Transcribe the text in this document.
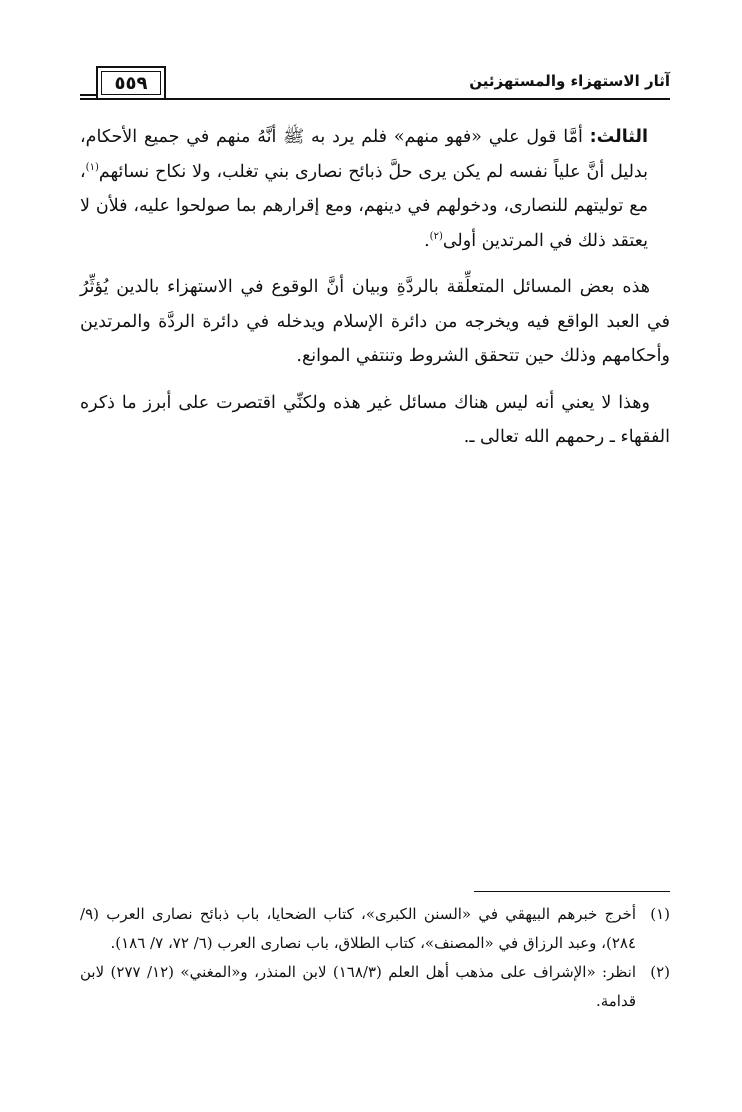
٥٥٩	آثار الاستهزاء والمستهزئين

الثالث: أمَّا قول علي «فهو منهم» فلم يرد به ﷺ أنَّهُ منهم في جميع الأحكام، بدليل أنَّ علياً نفسه لم يكن يرى حلَّ ذبائح نصارى بني تغلب، ولا نكاح نسائهم$^{(١)}$، مع توليتهم للنصارى، ودخولهم في دينهم، ومع إقرارهم بما صولحوا عليه، فلأن لا يعتقد ذلك في المرتدين أولى$^{(٢)}$.

هذه بعض المسائل المتعلِّقة بالردَّةِ وبيان أنَّ الوقوع في الاستهزاء بالدين يُؤثِّرُ في العبد الواقع فيه ويخرجه من دائرة الإسلام ويدخله في دائرة الردَّة والمرتدين وأحكامهم وذلك حين تتحقق الشروط وتنتفي الموانع.

وهذا لا يعني أنه ليس هناك مسائل غير هذه ولكنِّي اقتصرت على أبرز ما ذكره الفقهاء ـ رحمهم الله تعالى ـ.

(١)
أخرج خبرهم البيهقي في «السنن الكبرى»، كتاب الضحايا، باب ذبائح نصارى العرب (٩/ ٢٨٤)، وعبد الرزاق في «المصنف»، كتاب الطلاق، باب نصارى العرب (٦/ ٧٢، ٧/ ١٨٦).
(٢)
انظر: «الإشراف على مذهب أهل العلم (١٦٨/٣) لابن المنذر، و«المغني» (١٢/ ٢٧٧) لابن قدامة.
